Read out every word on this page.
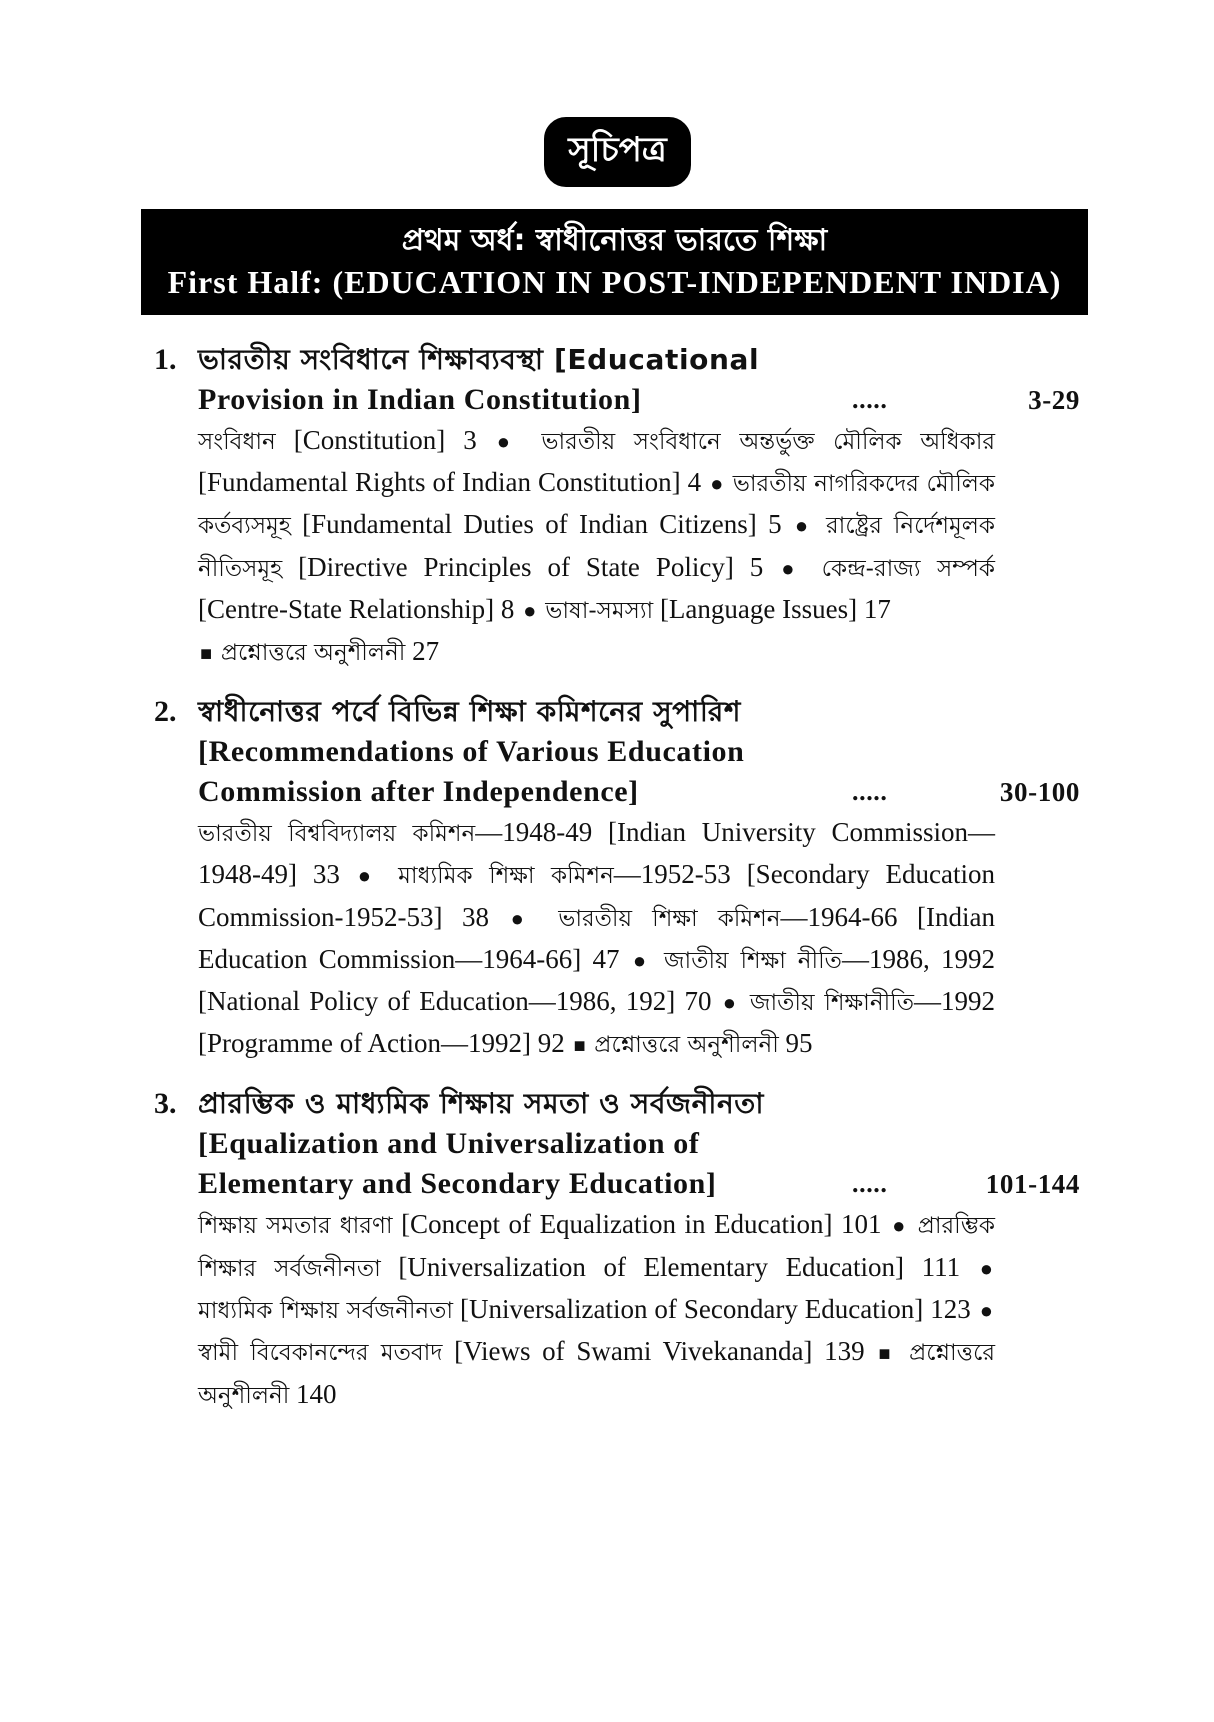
সূচিপত্র
প্রথম অর্ধ: স্বাধীনোত্তর ভারতে শিক্ষা
First Half: (EDUCATION IN POST-INDEPENDENT INDIA)
1. ভারতীয় সংবিধানে শিক্ষাব্যবস্থা [Educational
Provision in Indian Constitution]	.....	3-29
সংবিধান [Constitution] 3 ● ভারতীয় সংবিধানে অন্তর্ভুক্ত মৌলিক অধিকার [Fundamental Rights of Indian Constitution] 4 ● ভারতীয় নাগরিকদের মৌলিক কর্তব্যসমূহ [Fundamental Duties of Indian Citizens] 5 ● রাষ্ট্রের নির্দেশমূলক নীতিসমূহ [Directive Principles of State Policy] 5 ● কেন্দ্র-রাজ্য সম্পর্ক [Centre-State Relationship] 8 ● ভাষা-সমস্যা [Language Issues] 17
■ প্রশ্নোত্তরে অনুশীলনী 27
2. স্বাধীনোত্তর পর্বে বিভিন্ন শিক্ষা কমিশনের সুপারিশ
[Recommendations of Various Education
Commission after Independence]	.....	30-100
ভারতীয় বিশ্ববিদ্যালয় কমিশন—1948-49 [Indian University Commission—1948-49] 33 ● মাধ্যমিক শিক্ষা কমিশন—1952-53 [Secondary Education Commission-1952-53] 38 ● ভারতীয় শিক্ষা কমিশন—1964-66 [Indian Education Commission—1964-66] 47 ● জাতীয় শিক্ষা নীতি—1986, 1992 [National Policy of Education—1986, 192] 70 ● জাতীয় শিক্ষানীতি—1992 [Programme of Action—1992] 92 ■ প্রশ্নোত্তরে অনুশীলনী 95
3. প্রারম্ভিক ও মাধ্যমিক শিক্ষায় সমতা ও সর্বজনীনতা
[Equalization and Universalization of
Elementary and Secondary Education]	.....	101-144
শিক্ষায় সমতার ধারণা [Concept of Equalization in Education] 101 ● প্রারম্ভিক শিক্ষার সর্বজনীনতা [Universalization of Elementary Education] 111 ● মাধ্যমিক শিক্ষায় সর্বজনীনতা [Universalization of Secondary Education] 123 ● স্বামী বিবেকানন্দের মতবাদ [Views of Swami Vivekananda] 139 ■ প্রশ্নোত্তরে অনুশীলনী 140
